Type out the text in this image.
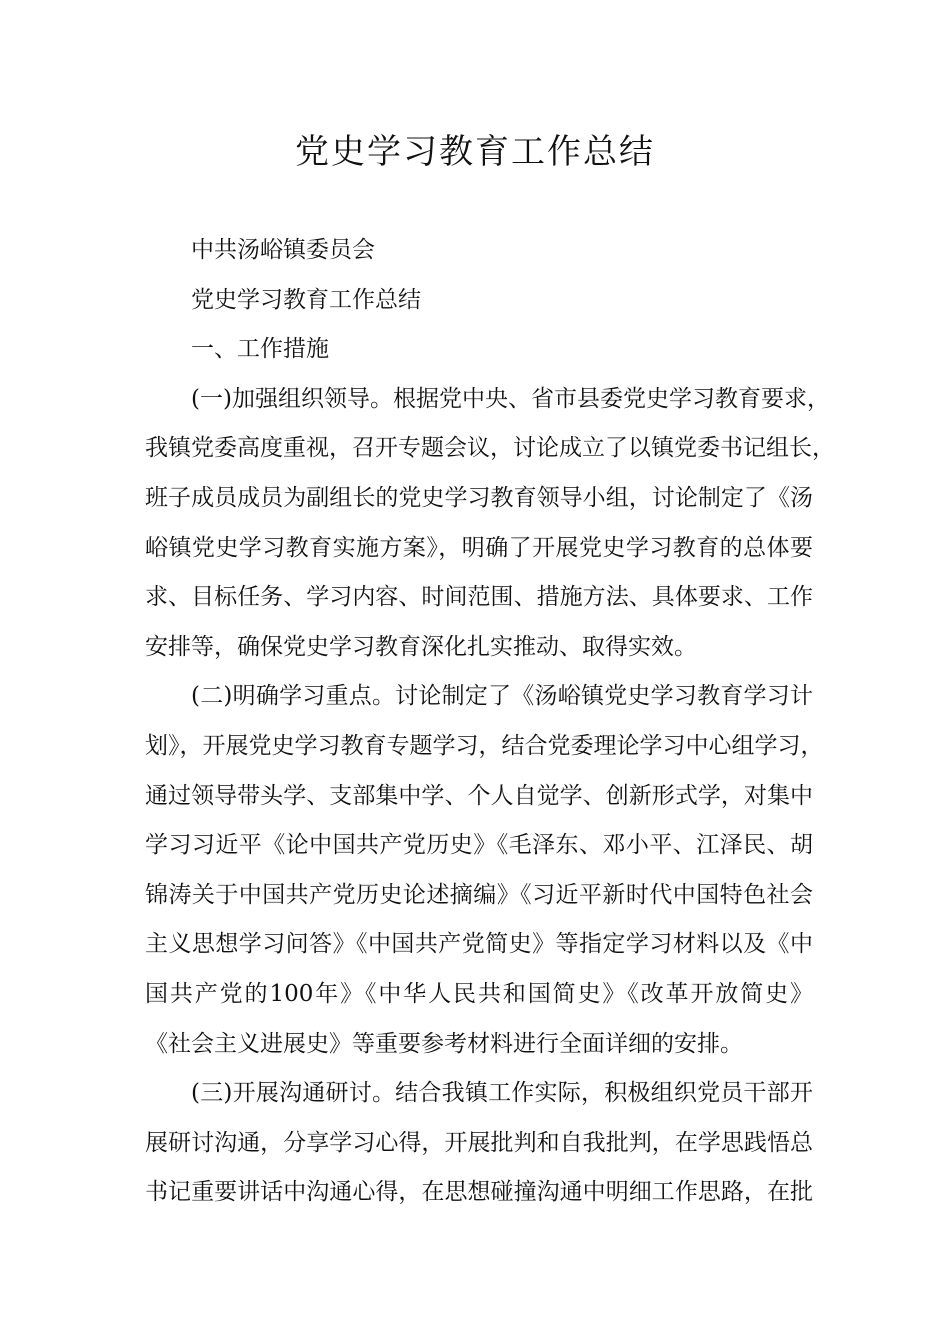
党史学习教育工作总结
中共汤峪镇委员会
党史学习教育工作总结
一、工作措施
(一)加强组织领导。根据党中央、省市县委党史学习教育要求，
我镇党委高度重视，召开专题会议，讨论成立了以镇党委书记组长，
班子成员成员为副组长的党史学习教育领导小组，讨论制定了《汤
峪镇党史学习教育实施方案》，明确了开展党史学习教育的总体要
求、目标任务、学习内容、时间范围、措施方法、具体要求、工作
安排等，确保党史学习教育深化扎实推动、取得实效。
(二)明确学习重点。讨论制定了《汤峪镇党史学习教育学习计
划》，开展党史学习教育专题学习，结合党委理论学习中心组学习，
通过领导带头学、支部集中学、个人自觉学、创新形式学，对集中
学习习近平《论中国共产党历史》《毛泽东、邓小平、江泽民、胡
锦涛关于中国共产党历史论述摘编》《习近平新时代中国特色社会
主义思想学习问答》《中国共产党简史》等指定学习材料以及《中
国共产党的100年》《中华人民共和国简史》《改革开放简史》
《社会主义进展史》等重要参考材料进行全面详细的安排。
(三)开展沟通研讨。结合我镇工作实际，积极组织党员干部开
展研讨沟通，分享学习心得，开展批判和自我批判，在学思践悟总
书记重要讲话中沟通心得，在思想碰撞沟通中明细工作思路，在批
